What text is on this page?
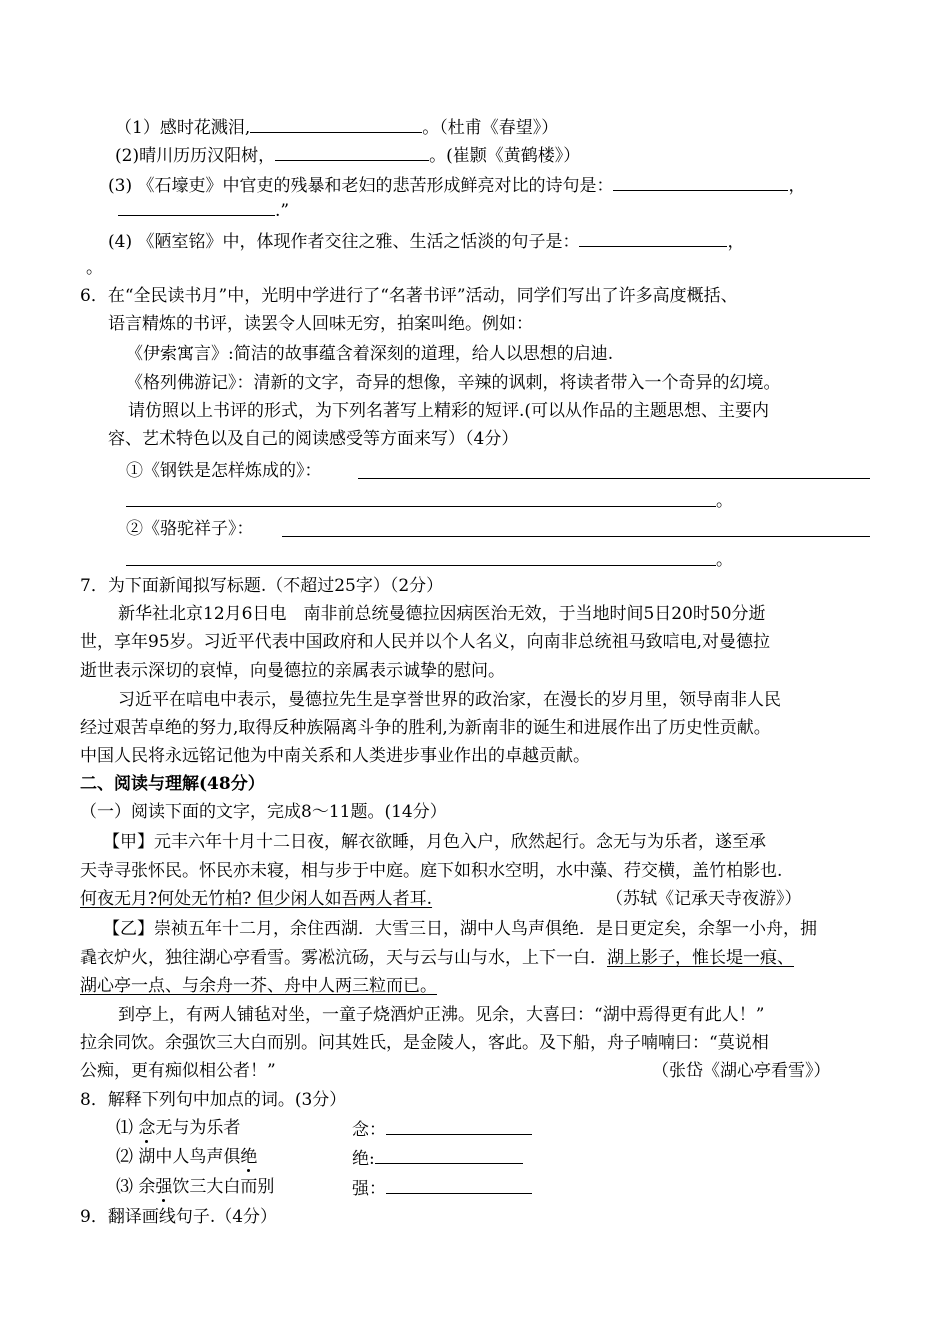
（1）感时花溅泪,	。（杜甫《春望》）
(2)晴川历历汉阳树，	。(崔颢《黄鹤楼》）
(3) 《石壕吏》中官吏的残暴和老妇的悲苦形成鲜亮对比的诗句是：	，
.”
(4) 《陋室铭》中，体现作者交往之雅、生活之恬淡的句子是：	，
。
6．在“全民读书月”中，光明中学进行了“名著书评”活动，同学们写出了许多高度概括、
语言精炼的书评，读罢令人回味无穷，拍案叫绝。例如：
《伊索寓言》:简洁的故事蕴含着深刻的道理，给人以思想的启迪.
《格列佛游记》：清新的文字，奇异的想像，辛辣的讽刺，将读者带入一个奇异的幻境。
请仿照以上书评的形式，为下列名著写上精彩的短评.(可以从作品的主题思想、主要内
容、艺术特色以及自己的阅读感受等方面来写）（4分）
①《钢铁是怎样炼成的》：
。
②《骆驼祥子》：
。
7．为下面新闻拟写标题.（不超过25字）（2分）
新华社北京12月6日电　南非前总统曼德拉因病医治无效，于当地时间5日20时50分逝
世，享年95岁。习近平代表中国政府和人民并以个人名义，向南非总统祖马致唁电,对曼德拉
逝世表示深切的哀悼，向曼德拉的亲属表示诚挚的慰问。
习近平在唁电中表示，曼德拉先生是享誉世界的政治家，在漫长的岁月里，领导南非人民
经过艰苦卓绝的努力,取得反种族隔离斗争的胜利,为新南非的诞生和进展作出了历史性贡献。
中国人民将永远铭记他为中南关系和人类进步事业作出的卓越贡献。
二、阅读与理解(48分）
（一）阅读下面的文字，完成8～11题。(14分）
【甲】元丰六年十月十二日夜，解衣欲睡，月色入户，欣然起行。念无与为乐者，遂至承
天寺寻张怀民。怀民亦未寝，相与步于中庭。庭下如积水空明，水中藻、荇交横，盖竹柏影也.
何夜无月?何处无竹柏? 但少闲人如吾两人者耳.	（苏轼《记承天寺夜游》）
【乙】崇祯五年十二月，余住西湖．大雪三日，湖中人鸟声俱绝．是日更定矣，余挐一小舟，拥
毳衣炉火，独往湖心亭看雪。雾凇沆砀，天与云与山与水，上下一白．湖上影子，惟长堤一痕、
湖心亭一点、与余舟一芥、舟中人两三粒而已。
到亭上，有两人铺毡对坐，一童子烧酒炉正沸。见余，大喜曰：“湖中焉得更有此人！”
拉余同饮。余强饮三大白而别。问其姓氏，是金陵人，客此。及下船，舟子喃喃曰：“莫说相
公痴，更有痴似相公者！”	（张岱《湖心亭看雪》）
8．解释下列句中加点的词。(3分）
⑴ 念无与为乐者	念：
⑵ 湖中人鸟声俱绝	绝:
⑶ 余强饮三大白而别	强：
9．翻译画线句子.（4分）
